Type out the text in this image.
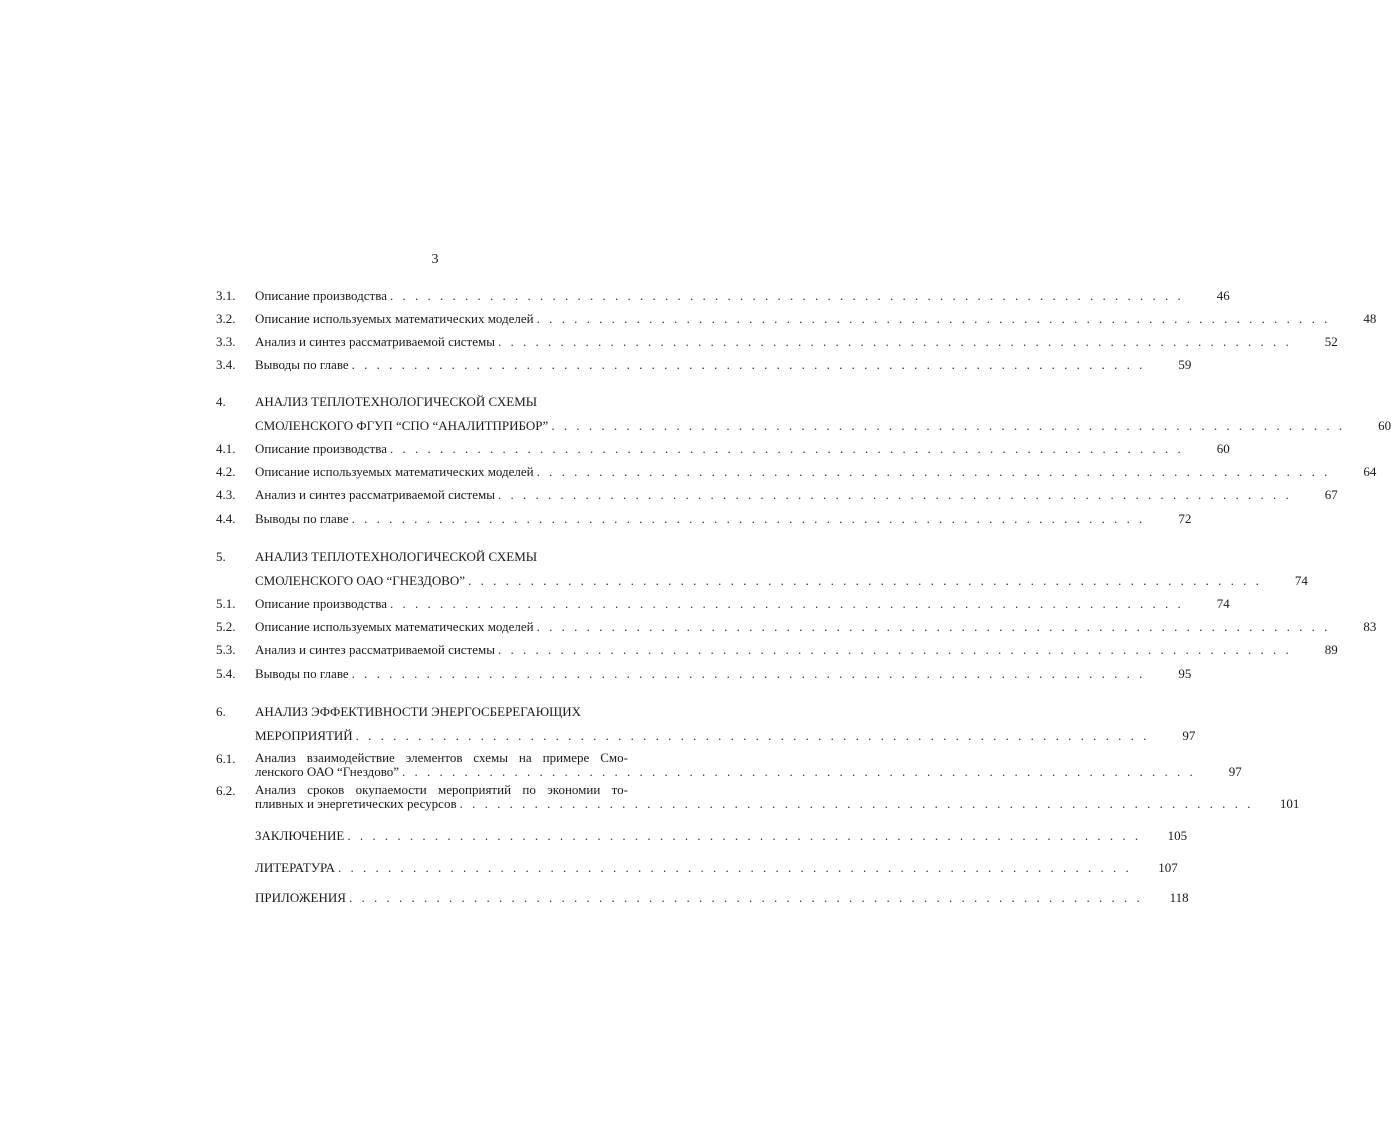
3
3.1. Описание производства . . . . . . . . . . . . . . . . . . . . . . . . . . . . . . . . . . . . . . . . . . . . . . . . . . . . . . . . . . . . . . . .	46
3.2. Описание используемых математических моделей . . . . . . . . . . . . . . . . . . . . . . . . . . . . . . . . . . . . . . . . . . . . . . . . . . . . . . . . . . . . . . . .	48
3.3. Анализ и синтез рассматриваемой системы . . . . . . . . . . . . . . . . . . . . . . . . . . . . . . . . . . . . . . . . . . . . . . . . . . . . . . . . . . . . . . . .	52
3.4. Выводы по главе . . . . . . . . . . . . . . . . . . . . . . . . . . . . . . . . . . . . . . . . . . . . . . . . . . . . . . . . . . . . . . . .	59
4. АНАЛИЗ ТЕПЛОТЕХНОЛОГИЧЕСКОЙ СХЕМЫ
СМОЛЕНСКОГО ФГУП “СПО “АНАЛИТПРИБОР” . . . . . . . . . . . . . . . . . . . . . . . . . . . . . . . . . . . . . . . . . . . . . . . . . . . . . . . . . . . . . . . .	60
4.1. Описание производства . . . . . . . . . . . . . . . . . . . . . . . . . . . . . . . . . . . . . . . . . . . . . . . . . . . . . . . . . . . . . . . .	60
4.2. Описание используемых математических моделей . . . . . . . . . . . . . . . . . . . . . . . . . . . . . . . . . . . . . . . . . . . . . . . . . . . . . . . . . . . . . . . .	64
4.3. Анализ и синтез рассматриваемой системы . . . . . . . . . . . . . . . . . . . . . . . . . . . . . . . . . . . . . . . . . . . . . . . . . . . . . . . . . . . . . . . .	67
4.4. Выводы по главе . . . . . . . . . . . . . . . . . . . . . . . . . . . . . . . . . . . . . . . . . . . . . . . . . . . . . . . . . . . . . . . .	72
5. АНАЛИЗ ТЕПЛОТЕХНОЛОГИЧЕСКОЙ СХЕМЫ
СМОЛЕНСКОГО ОАО “ГНЕЗДОВО” . . . . . . . . . . . . . . . . . . . . . . . . . . . . . . . . . . . . . . . . . . . . . . . . . . . . . . . . . . . . . . . .	74
5.1. Описание производства . . . . . . . . . . . . . . . . . . . . . . . . . . . . . . . . . . . . . . . . . . . . . . . . . . . . . . . . . . . . . . . .	74
5.2. Описание используемых математических моделей . . . . . . . . . . . . . . . . . . . . . . . . . . . . . . . . . . . . . . . . . . . . . . . . . . . . . . . . . . . . . . . .	83
5.3. Анализ и синтез рассматриваемой системы . . . . . . . . . . . . . . . . . . . . . . . . . . . . . . . . . . . . . . . . . . . . . . . . . . . . . . . . . . . . . . . .	89
5.4. Выводы по главе . . . . . . . . . . . . . . . . . . . . . . . . . . . . . . . . . . . . . . . . . . . . . . . . . . . . . . . . . . . . . . . .	95
6. АНАЛИЗ ЭФФЕКТИВНОСТИ ЭНЕРГОСБЕРЕГАЮЩИХ
МЕРОПРИЯТИЙ . . . . . . . . . . . . . . . . . . . . . . . . . . . . . . . . . . . . . . . . . . . . . . . . . . . . . . . . . . . . . . . .	97
6.1. Анализ взаимодействие элементов схемы на примере Смо-
ленского ОАО “Гнездово” . . . . . . . . . . . . . . . . . . . . . . . . . . . . . . . . . . . . . . . . . . . . . . . . . . . . . . . . . . . . . . . .	97
6.2. Анализ сроков окупаемости мероприятий по экономии то-
пливных и энергетических ресурсов . . . . . . . . . . . . . . . . . . . . . . . . . . . . . . . . . . . . . . . . . . . . . . . . . . . . . . . . . . . . . . . .	101
ЗАКЛЮЧЕНИЕ . . . . . . . . . . . . . . . . . . . . . . . . . . . . . . . . . . . . . . . . . . . . . . . . . . . . . . . . . . . . . . . .	105
ЛИТЕРАТУРА . . . . . . . . . . . . . . . . . . . . . . . . . . . . . . . . . . . . . . . . . . . . . . . . . . . . . . . . . . . . . . . .	107
ПРИЛОЖЕНИЯ . . . . . . . . . . . . . . . . . . . . . . . . . . . . . . . . . . . . . . . . . . . . . . . . . . . . . . . . . . . . . . . .	118
